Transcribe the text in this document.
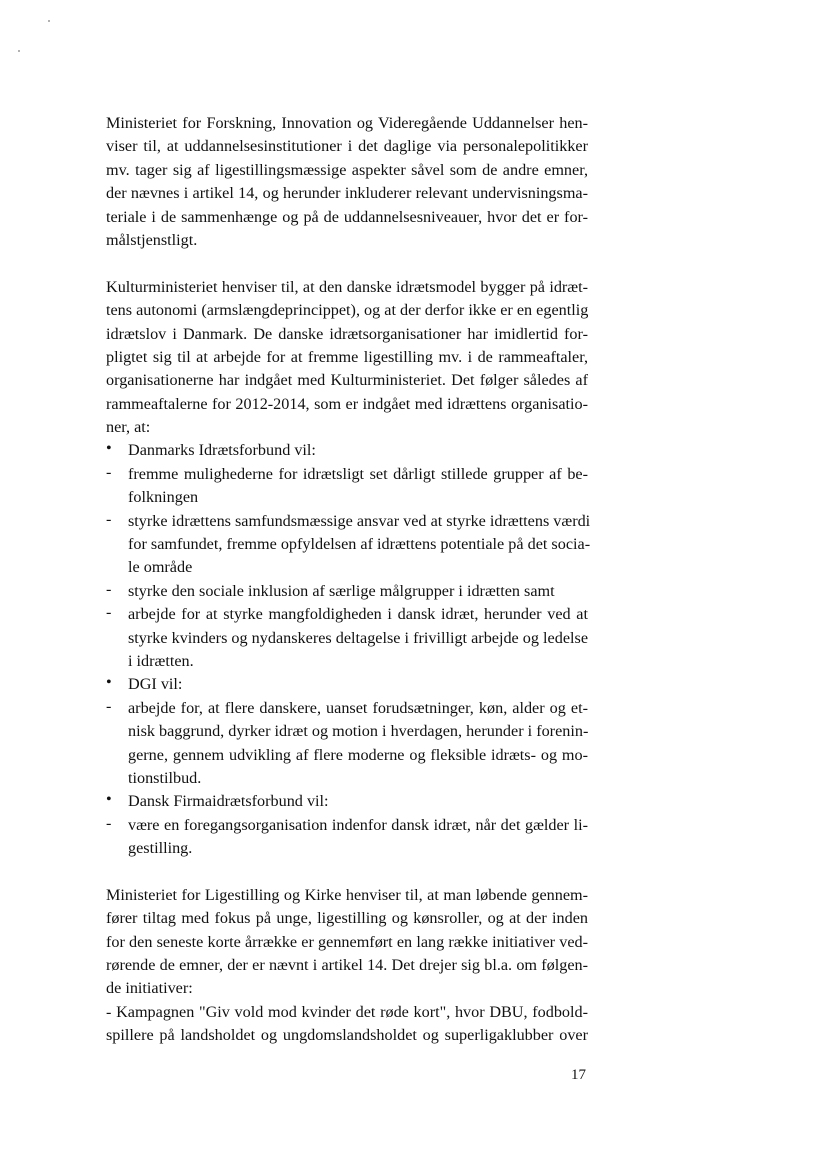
Ministeriet for Forskning, Innovation og Videregående Uddannelser hen-
viser til, at uddannelsesinstitutioner i det daglige via personalepolitikker
mv. tager sig af ligestillingsmæssige aspekter såvel som de andre emner,
der nævnes i artikel 14, og herunder inkluderer relevant undervisningsma-
teriale i de sammenhænge og på de uddannelsesniveauer, hvor det er for-
målstjenstligt.
Kulturministeriet henviser til, at den danske idrætsmodel bygger på idræt-
tens autonomi (armslængdeprincippet), og at der derfor ikke er en egentlig
idrætslov i Danmark. De danske idrætsorganisationer har imidlertid for-
pligtet sig til at arbejde for at fremme ligestilling mv. i de rammeaftaler,
organisationerne har indgået med Kulturministeriet. Det følger således af
rammeaftalerne for 2012-2014, som er indgået med idrættens organisatio-
ner, at:
•	Danmarks Idrætsforbund vil:
-	fremme mulighederne for idrætsligt set dårligt stillede grupper af be-
folkningen
-	styrke idrættens samfundsmæssige ansvar ved at styrke idrættens værdi
for samfundet, fremme opfyldelsen af idrættens potentiale på det socia-
le område
-	styrke den sociale inklusion af særlige målgrupper i idrætten samt
-	arbejde for at styrke mangfoldigheden i dansk idræt, herunder ved at
styrke kvinders og nydanskeres deltagelse i frivilligt arbejde og ledelse
i idrætten.
•	DGI vil:
-	arbejde for, at flere danskere, uanset forudsætninger, køn, alder og et-
nisk baggrund, dyrker idræt og motion i hverdagen, herunder i forenin-
gerne, gennem udvikling af flere moderne og fleksible idræts- og mo-
tionstilbud.
•	Dansk Firmaidrætsforbund vil:
-	være en foregangsorganisation indenfor dansk idræt, når det gælder li-
gestilling.
Ministeriet for Ligestilling og Kirke henviser til, at man løbende gennem-
fører tiltag med fokus på unge, ligestilling og kønsroller, og at der inden
for den seneste korte årrække er gennemført en lang række initiativer ved-
rørende de emner, der er nævnt i artikel 14. Det drejer sig bl.a. om følgen-
de initiativer:
- Kampagnen "Giv vold mod kvinder det røde kort", hvor DBU, fodbold-
spillere på landsholdet og ungdomslandsholdet og superligaklubber over
17
